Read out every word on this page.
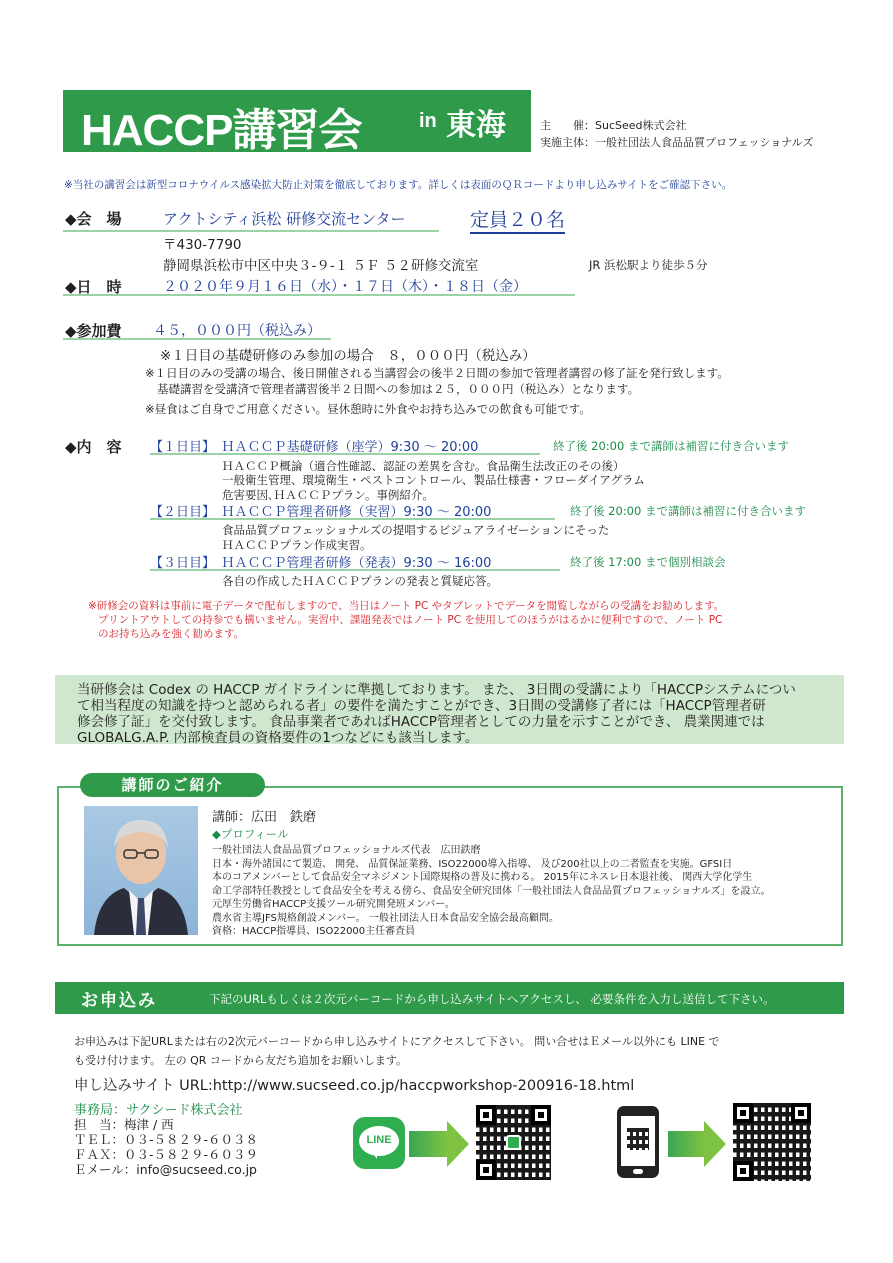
HACCP講習会	in 東海	主　　催：SucSeed株式会社
実施主体：一般社団法人食品品質プロフェッショナルズ
※当社の講習会は新型コロナウイルス感染拡大防止対策を徹底しております。詳しくは表面のＱＲコードより申し込みサイトをご確認下さい。
◆会　場	アクトシティ浜松 研修交流センター	定員２０名
〒430-7790
静岡県浜松市中区中央３-９-１ ５Ｆ ５２研修交流室	JR 浜松駅より徒歩５分
◆日　時	２０２０年９月１６日（水）・１７日（木）・１８日（金）
◆参加費 ４５，０００円（税込み）
※１日目の基礎研修のみ参加の場合　８，０００円（税込み）
※１日目のみの受講の場合、後日開催される当講習会の後半２日間の参加で管理者講習の修了証を発行致します。
基礎講習を受講済で管理者講習後半２日間への参加は２５，０００円（税込み）となります。
※昼食はご自身でご用意ください。昼休憩時に外食やお持ち込みでの飲食も可能です。
◆内　容 【１日目】　ＨＡＣＣＰ基礎研修（座学）9:30 ～ 20:00	終了後 20:00 まで講師は補習に付き合います
ＨＡＣＣＰ概論（適合性確認、認証の差異を含む。食品衛生法改正のその後）
一般衛生管理、環境衛生・ペストコントロール、製品仕様書・フローダイアグラム
危害要因､ＨＡＣＣＰプラン。事例紹介。
【２日目】　ＨＡＣＣＰ管理者研修（実習）9:30 ～ 20:00	終了後 20:00 まで講師は補習に付き合います
食品品質プロフェッショナルズの提唱するビジュアライゼーションにそった
ＨＡＣＣＰプラン作成実習。
【３日目】　ＨＡＣＣＰ管理者研修（発表）9:30 ～ 16:00	終了後 17:00 まで個別相談会
各自の作成したＨＡＣＣＰプランの発表と質疑応答。
※研修会の資料は事前に電子データで配布しますので、当日はノート PC やタブレットでデータを閲覧しながらの受講をお勧めします。
プリントアウトしての持参でも構いません。実習中、課題発表ではノート PC を使用してのほうがはるかに便利ですので、ノート PC
のお持ち込みを強く勧めます。

当研修会は Codex の HACCP ガイドラインに準拠しております。 また、 3日間の受講により「HACCPシステムについ

て相当程度の知識を持つと認められる者」の要件を満たすことができ、3日間の受講修了者には「HACCP管理者研

修会修了証」を交付致します。 食品事業者であればHACCP管理者としての力量を示すことができ、 農業関連では

GLOBALG.A.P. 内部検査員の資格要件の1つなどにも該当します。

講師のご紹介
講師：広田　鉄磨
◆プロフィール
一般社団法人食品品質プロフェッショナルズ代表　広田鉄磨
日本・海外諸国にて製造、 開発、 品質保証業務、ISO22000導入指導、 及び200社以上の二者監査を実施。GFSI日
本のコアメンバーとして食品安全マネジメント国際規格の普及に携わる。 2015年にネスレ日本退社後、 関西大学化学生
命工学部特任教授として食品安全を考える傍ら、食品安全研究団体「一般社団法人食品品質プロフェッショナルズ」を設立。
元厚生労働省HACCP支援ツール研究開発班メンバー。
農水省主導JFS規格創設メンバー。 一般社団法人日本食品安全協会最高顧問。
資格：HACCP指導員、ISO22000主任審査員
お申込み	下記のURLもしくは２次元バーコードから申し込みサイトへアクセスし、 必要条件を入力し送信して下さい。
お申込みは下記URLまたは右の2次元バーコードから申し込みサイトにアクセスして下さい。 問い合せはＥメール以外にも LINE で
も受け付けます。 左の QR コードから友だち追加をお願いします。
申し込みサイト URL:http://www.sucseed.co.jp/haccpworkshop-200916-18.html
事務局：サクシード株式会社
担　当：梅津 / 西
ＴＥＬ：０３-５８２９-６０３８
ＦＡＸ：０３-５８２９-６０３９
Ｅメール：info@sucseed.co.jp
LINE
